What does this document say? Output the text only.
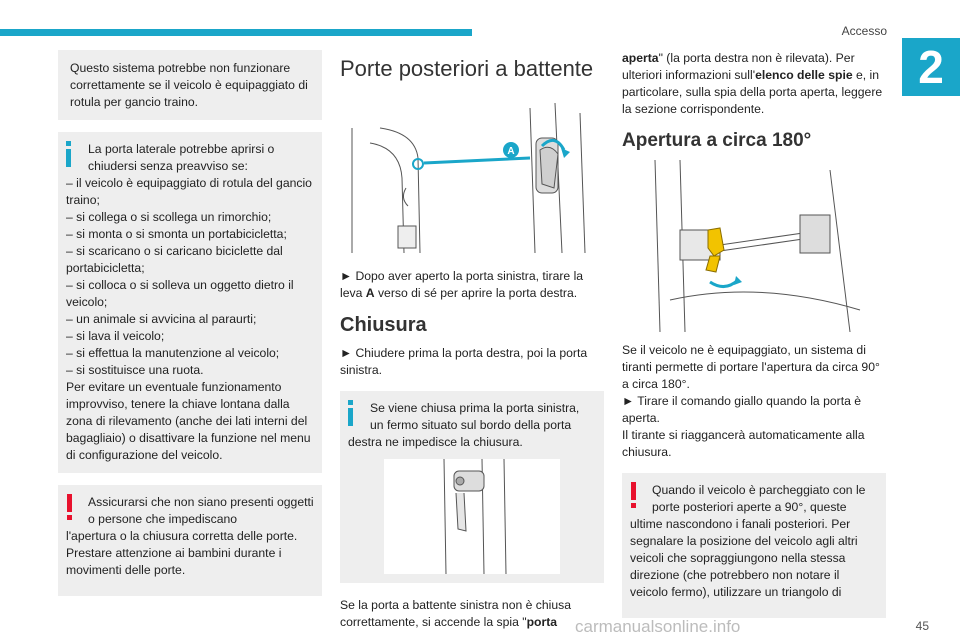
Accesso
2
Questo sistema potrebbe non funzionare correttamente se il veicolo è equipaggiato di rotula per gancio traino.
La porta laterale potrebbe aprirsi o chiudersi senza preavviso se:
– il veicolo è equipaggiato di rotula del gancio traino;
– si collega o si scollega un rimorchio;
– si monta o si smonta un portabicicletta;
– si scaricano o si caricano biciclette dal portabicicletta;
– si colloca o si solleva un oggetto dietro il veicolo;
– un animale si avvicina al paraurti;
– si lava il veicolo;
– si effettua la manutenzione al veicolo;
– si sostituisce una ruota.
Per evitare un eventuale funzionamento improvviso, tenere la chiave lontana dalla zona di rilevamento (anche dei lati interni del bagagliaio) o disattivare la funzione nel menu di configurazione del veicolo.
Assicurarsi che non siano presenti oggetti o persone che impediscano
l'apertura o la chiusura corretta delle porte. Prestare attenzione ai bambini durante i movimenti delle porte.
Porte posteriori a battente
A
► Dopo aver aperto la porta sinistra, tirare la leva A verso di sé per aprire la porta destra.
Chiusura
► Chiudere prima la porta destra, poi la porta sinistra.
Se viene chiusa prima la porta sinistra, un fermo situato sul bordo della porta
destra ne impedisce la chiusura.
Se la porta a battente sinistra non è chiusa correttamente, si accende la spia "porta
aperta" (la porta destra non è rilevata). Per ulteriori informazioni sull'elenco delle spie e, in particolare, sulla spia della porta aperta, leggere la sezione corrispondente.
Apertura a circa 180°
Se il veicolo ne è equipaggiato, un sistema di tiranti permette di portare l'apertura da circa 90° a circa 180°.
► Tirare il comando giallo quando la porta è aperta.
Il tirante si riaggancerà automaticamente alla chiusura.
Quando il veicolo è parcheggiato con le porte posteriori aperte a 90°, queste
ultime nascondono i fanali posteriori. Per segnalare la posizione del veicolo agli altri veicoli che sopraggiungono nella stessa direzione (che potrebbero non notare il veicolo fermo), utilizzare un triangolo di
carmanualsonline.info	45
